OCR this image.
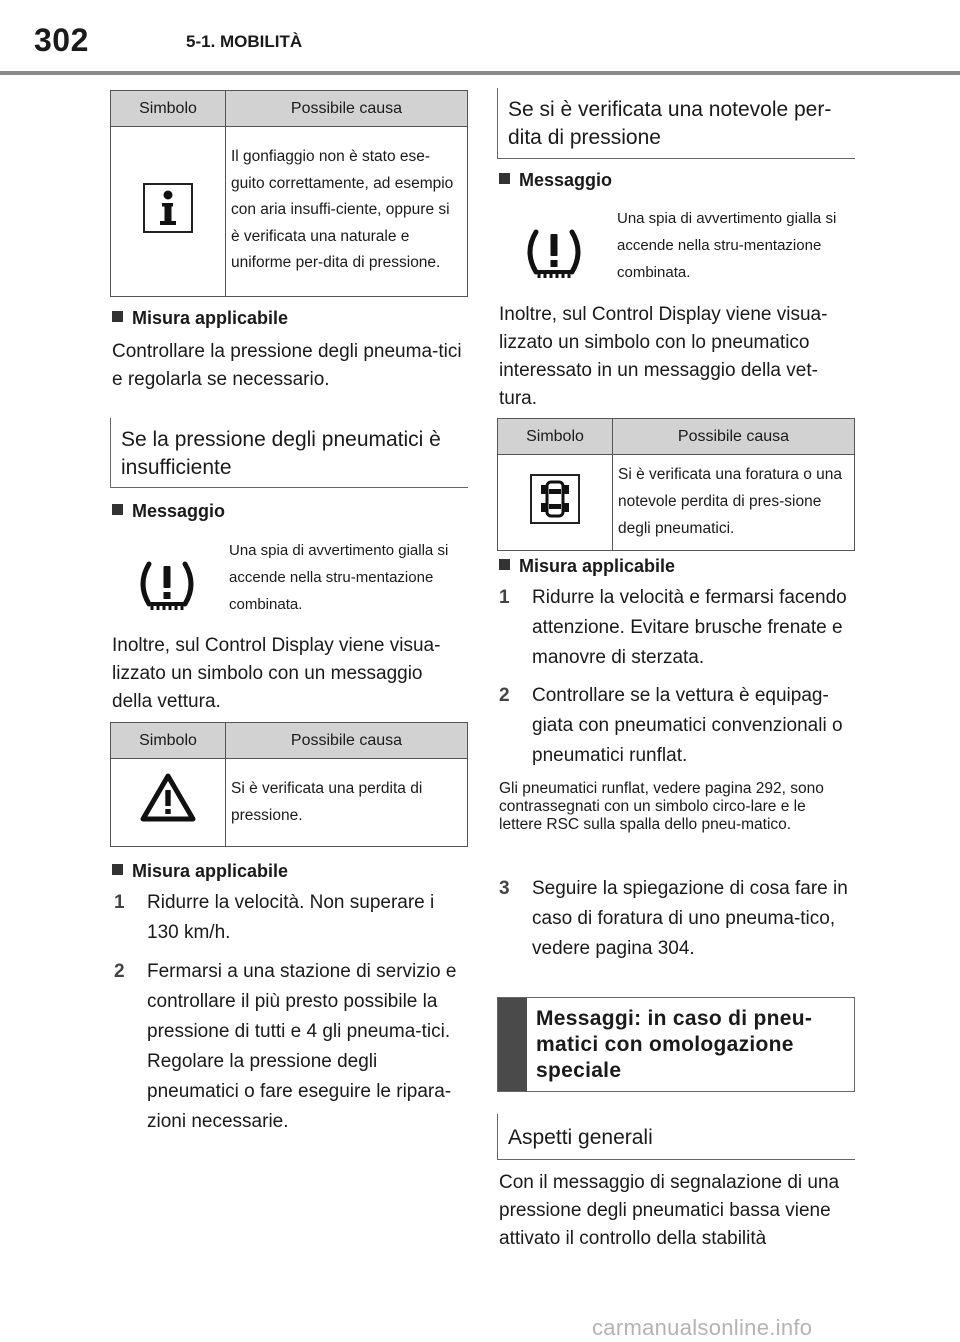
302	5-1. MOBILITÀ
Simbolo	Possibile causa
	Il gonfiaggio non è stato ese-guito correttamente, ad esempio con aria insuffi-ciente, oppure si è verificata una naturale e uniforme per-dita di pressione.
Misura applicabile
Controllare la pressione degli pneuma-tici e regolarla se necessario.
Se la pressione degli pneumatici è insufficiente
Messaggio
Una spia di avvertimento gialla si accende nella stru-mentazione combinata.
Inoltre, sul Control Display viene visua-lizzato un simbolo con un messaggio della vettura.
Simbolo	Possibile causa
	Si è verificata una perdita di pressione.
Misura applicabile
1 Ridurre la velocità. Non superare i 130 km/h.
2 Fermarsi a una stazione di servizio e controllare il più presto possibile la pressione di tutti e 4 gli pneuma-tici. Regolare la pressione degli pneumatici o fare eseguire le ripara-zioni necessarie.
Se si è verificata una notevole per-dita di pressione
Messaggio
Una spia di avvertimento gialla si accende nella stru-mentazione combinata.
Inoltre, sul Control Display viene visua-lizzato un simbolo con lo pneumatico interessato in un messaggio della vet-tura.
Simbolo	Possibile causa
	Si è verificata una foratura o una notevole perdita di pres-sione degli pneumatici.
Misura applicabile
1 Ridurre la velocità e fermarsi facendo attenzione. Evitare brusche frenate e manovre di sterzata.
2 Controllare se la vettura è equipag-giata con pneumatici convenzionali o pneumatici runflat.
Gli pneumatici runflat, vedere pagina 292, sono contrassegnati con un simbolo circo-lare e le lettere RSC sulla spalla dello pneu-matico.
3 Seguire la spiegazione di cosa fare in caso di foratura di uno pneuma-tico, vedere pagina 304.
Messaggi: in caso di pneu-matici con omologazione speciale
Aspetti generali
Con il messaggio di segnalazione di una pressione degli pneumatici bassa viene attivato il controllo della stabilità
carmanualsonline.info
